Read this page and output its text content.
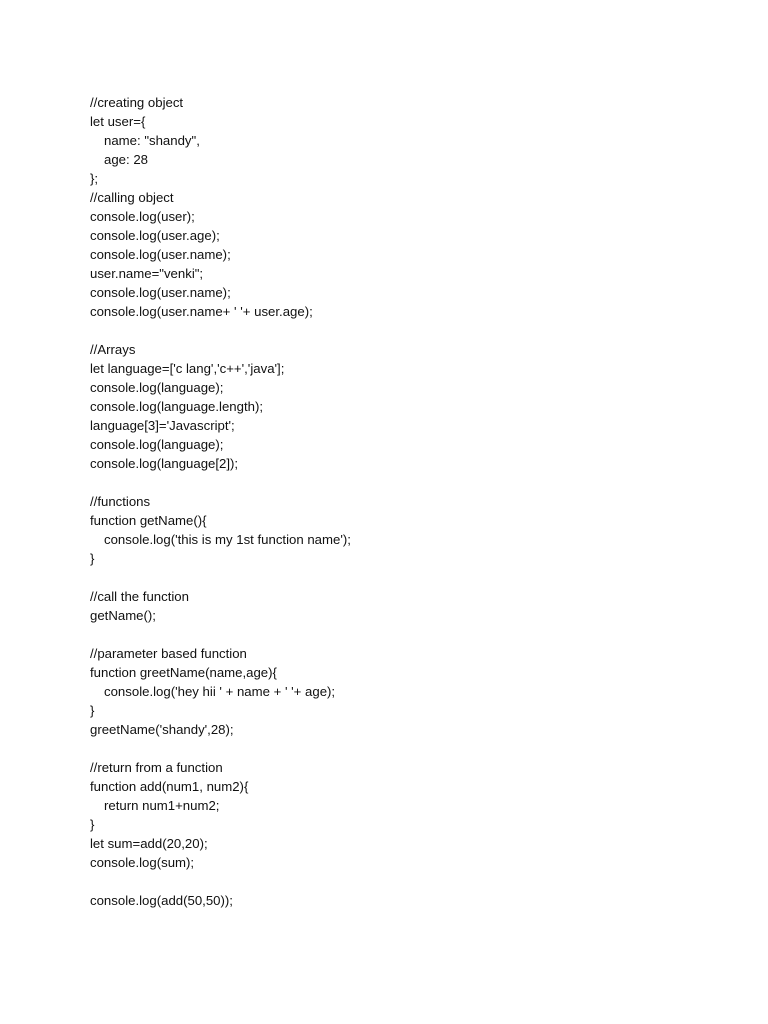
//creating object
let user={
name: "shandy",
age: 28
};
//calling object
console.log(user);
console.log(user.age);
console.log(user.name);
user.name="venki";
console.log(user.name);
console.log(user.name+ ' '+ user.age);
//Arrays
let language=['c lang','c++','java'];
console.log(language);
console.log(language.length);
language[3]='Javascript';
console.log(language);
console.log(language[2]);
//functions
function getName(){
console.log('this is my 1st function name');
}
//call the function
getName();
//parameter based function
function greetName(name,age){
console.log('hey hii ' + name + ' '+ age);
}
greetName('shandy',28);
//return from a function
function add(num1, num2){
return num1+num2;
}
let sum=add(20,20);
console.log(sum);
console.log(add(50,50));
